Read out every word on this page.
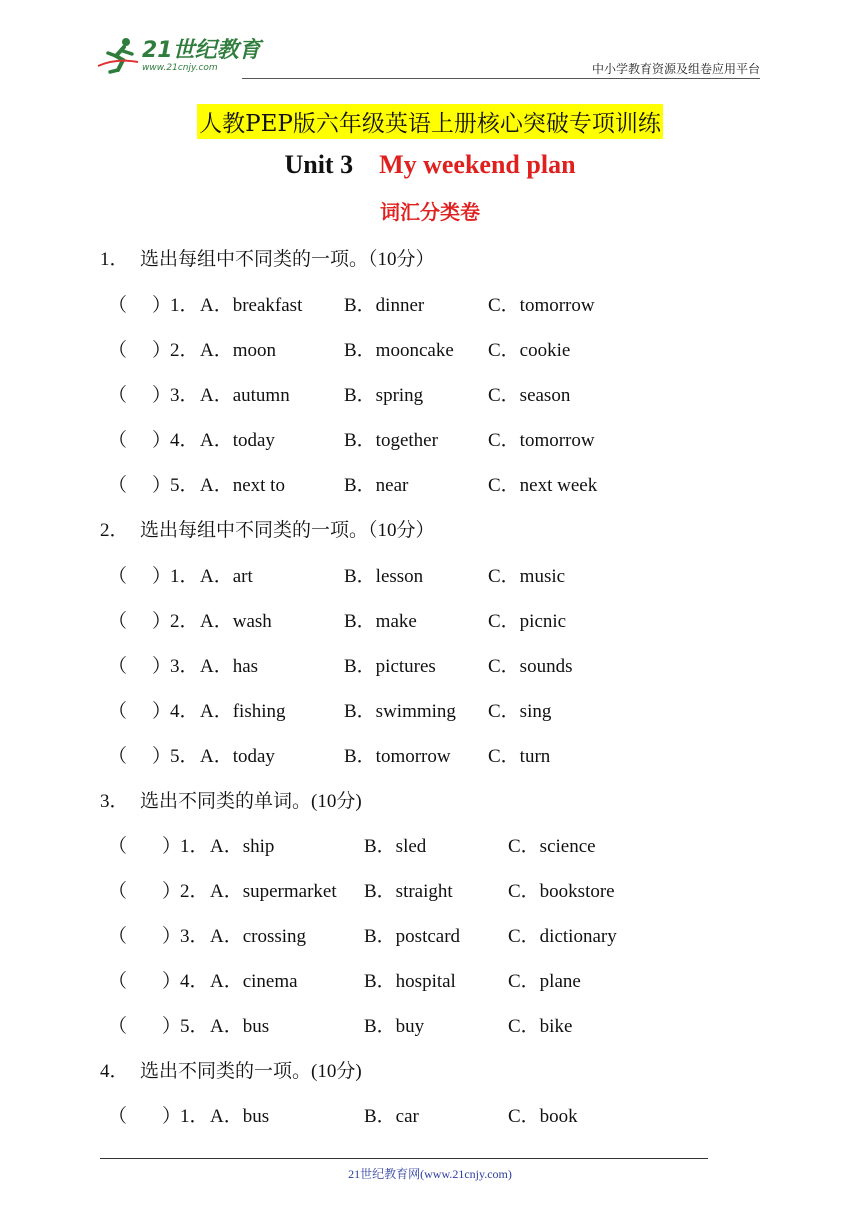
21世纪教育
www.21cnjy.com	中小学教育资源及组卷应用平台
人教PEP版六年级英语上册核心突破专项训练
Unit 3 My weekend plan
词汇分类卷
1． 选出每组中不同类的一项。（10分）
（ ）
1． A．breakfast B．dinner	C．tomorrow
（ ）
2． A．moon	B．mooncake C．cookie
（ ）
3． A．autumn	B．spring	C．season
（ ）
4． A．today	B．together	C．tomorrow
（ ）
5． A．next to	B．near	C．next week
2． 选出每组中不同类的一项。（10分）
（ ）
1． A．art	B．lesson	C．music
（ ）
2． A．wash	B．make	C．picnic
（ ）
3． A．has	B．pictures	C．sounds
（ ）
4． A．fishing	B．swimming C．sing
（ ）
5． A．today	B．tomorrow C．turn
3． 选出不同类的单词。(10分)
（ ）
1． A．ship	B．sled	C．science
（ ）
2． A．supermarket B．straight	C．bookstore
（ ）
3． A．crossing	B．postcard	C．dictionary
（ ）
4． A．cinema	B．hospital	C．plane
（ ）
5． A．bus	B．buy	C．bike
4． 选出不同类的一项。(10分)
（ ）
1． A．bus	B．car	C．book
21世纪教育网(www.21cnjy.com)
